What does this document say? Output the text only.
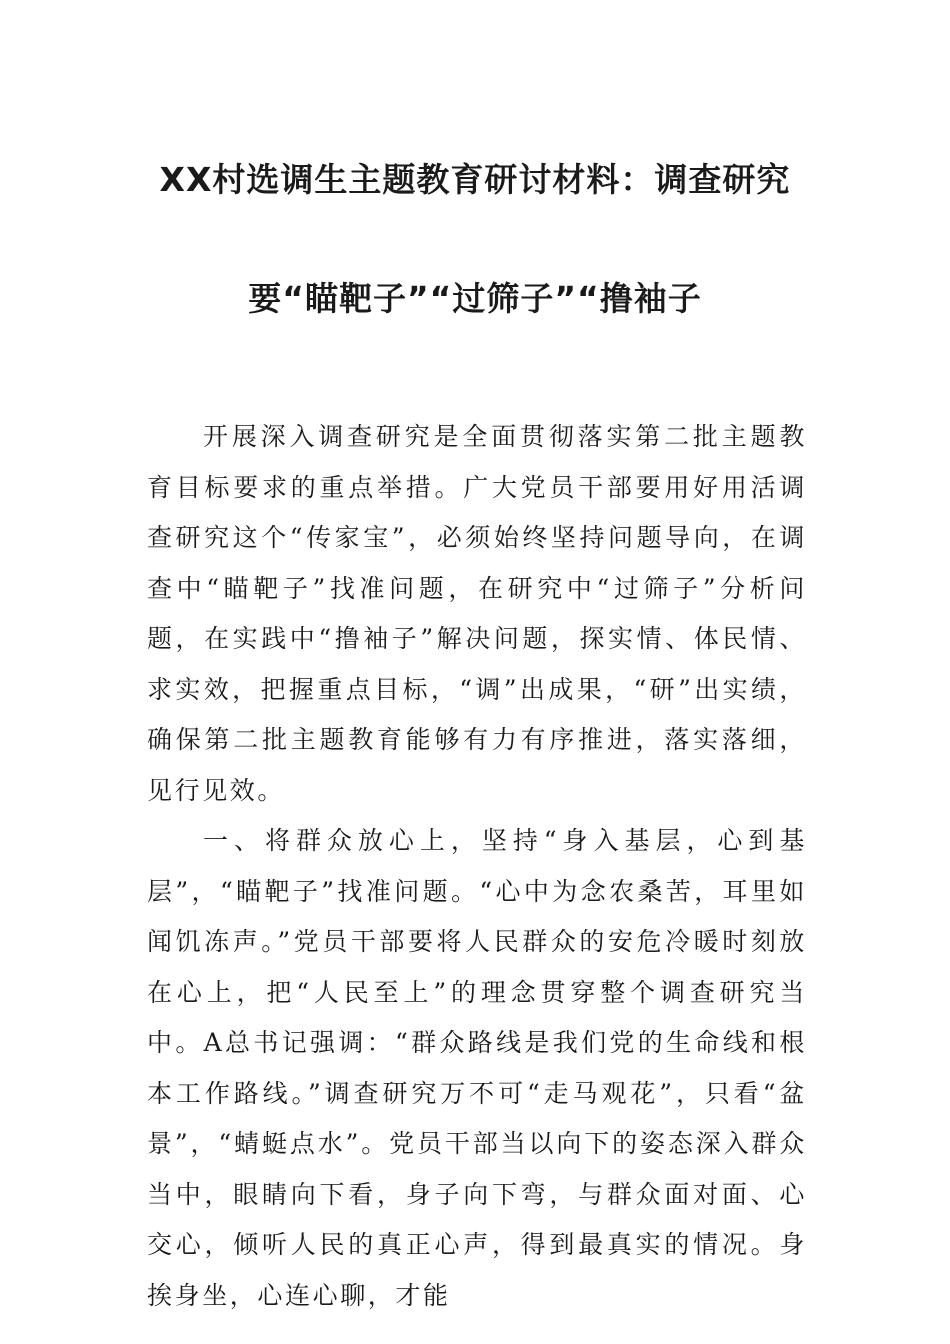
XX村选调生主题教育研讨材料：调查研究
要“瞄靶子”“过筛子”“撸袖子

开展深入调查研究是全面贯彻落实第二批主题教育目标要求的重点举措。广大党员干部要用好用活调查研究这个“传家宝”，必须始终坚持问题导向，在调查中“瞄靶子”找准问题，在研究中“过筛子”分析问题，在实践中“撸袖子”解决问题，探实情、体民情、求实效，把握重点目标，“调”出成果，“研”出实绩，确保第二批主题教育能够有力有序推进，落实落细，见行见效。

一、将群众放心上，坚持“身入基层，心到基层”，“瞄靶子”找准问题。“心中为念农桑苦，耳里如闻饥冻声。”党员干部要将人民群众的安危冷暖时刻放在心上，把“人民至上”的理念贯穿整个调查研究当中。A总书记强调：“群众路线是我们党的生命线和根本工作路线。”调查研究万不可“走马观花”，只看“盆景”，“蜻蜓点水”。党员干部当以向下的姿态深入群众当中，眼睛向下看，身子向下弯，与群众面对面、心交心，倾听人民的真正心声，得到最真实的情况。身挨身坐，心连心聊，才能
